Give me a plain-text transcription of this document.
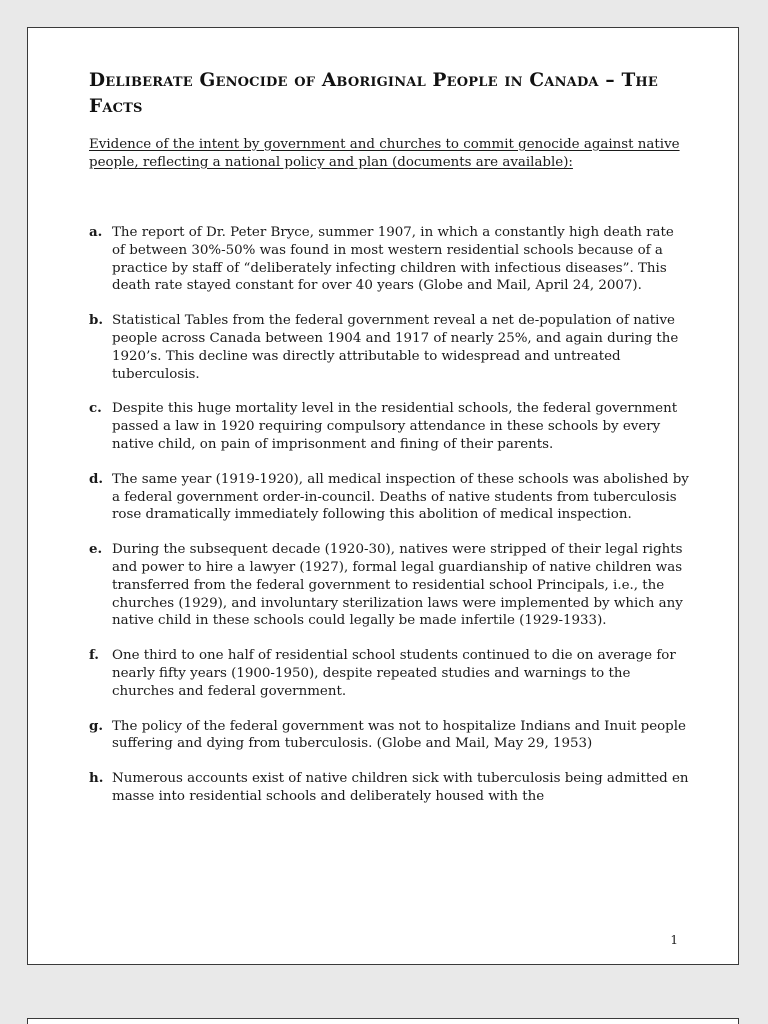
Deliberate Genocide of Aboriginal People in Canada – The Facts

Evidence of the intent by government and churches to commit genocide against native people, reflecting a national policy and plan (documents are available):

a. The report of Dr. Peter Bryce, summer 1907, in which a constantly high death rate of between 30%-50% was found in most western residential schools because of a practice by staff of “deliberately infecting children with infectious diseases”. This death rate stayed constant for over 40 years (Globe and Mail, April 24, 2007).
b. Statistical Tables from the federal government reveal a net de-population of native people across Canada between 1904 and 1917 of nearly 25%, and again during the 1920’s. This decline was directly attributable to widespread and untreated tuberculosis.
c. Despite this huge mortality level in the residential schools, the federal government passed a law in 1920 requiring compulsory attendance in these schools by every native child, on pain of imprisonment and fining of their parents.
d. The same year (1919-1920), all medical inspection of these schools was abolished by a federal government order-in-council. Deaths of native students from tuberculosis rose dramatically immediately following this abolition of medical inspection.
e. During the subsequent decade (1920-30), natives were stripped of their legal rights and power to hire a lawyer (1927), formal legal guardianship of native children was transferred from the federal government to residential school Principals, i.e., the churches (1929), and involuntary sterilization laws were implemented by which any native child in these schools could legally be made infertile (1929-1933).
f. One third to one half of residential school students continued to die on average for nearly fifty years (1900-1950), despite repeated studies and warnings to the churches and federal government.
g. The policy of the federal government was not to hospitalize Indians and Inuit people suffering and dying from tuberculosis. (Globe and Mail, May 29, 1953)
h. Numerous accounts exist of native children sick with tuberculosis being admitted en masse into residential schools and deliberately housed with the
1
